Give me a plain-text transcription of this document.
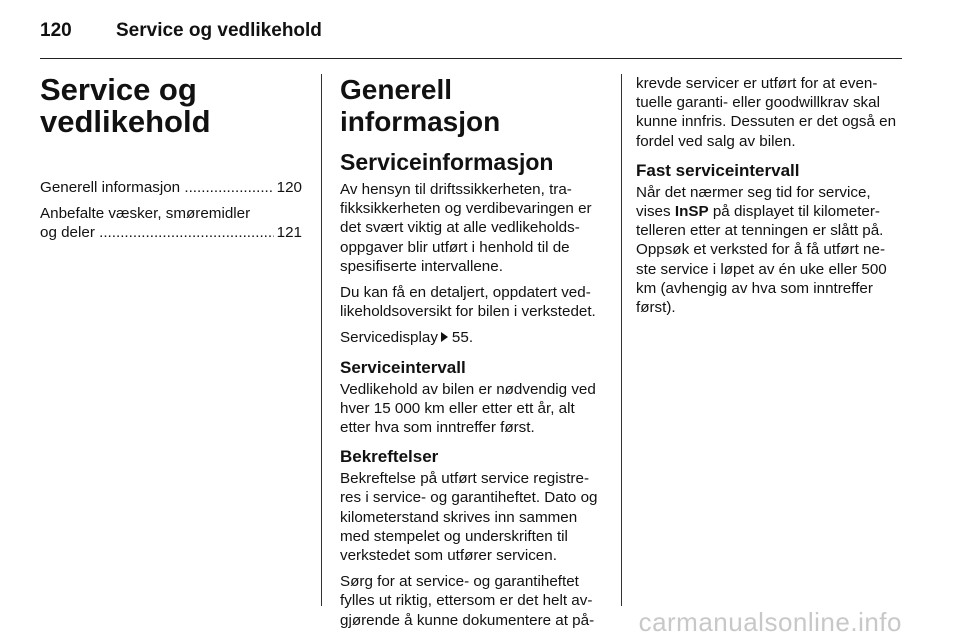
120 Service og vedlikehold
Service og
vedlikehold
Generell informasjon .....	120
Anbefalte væsker, smøremidler
og deler .....	121
Generell informasjon
Serviceinformasjon

Av hensyn til driftssikkerheten, trafikksikkerheten og verdibevaringen er det svært viktig at alle vedlikeholdsoppgaver blir utført i henhold til de spesifiserte intervallene.

Du kan få en detaljert, oppdatert vedlikeholdsoversikt for bilen i verkstedet.

Servicedisplay 55.

Serviceintervall

Vedlikehold av bilen er nødvendig ved hver 15 000 km eller etter ett år, alt etter hva som inntreffer først.

Bekreftelser

Bekreftelse på utført service registreres i service- og garantiheftet. Dato og kilometerstand skrives inn sammen med stempelet og underskriften til verkstedet som utfører servicen.

Sørg for at service- og garantiheftet fylles ut riktig, ettersom er det helt avgjørende å kunne dokumentere at på-

krevde servicer er utført for at eventuelle garanti- eller goodwillkrav skal kunne innfris. Dessuten er det også en fordel ved salg av bilen.

Fast serviceintervall

Når det nærmer seg tid for service, vises InSP på displayet til kilometertelleren etter at tenningen er slått på. Oppsøk et verksted for å få utført neste service i løpet av én uke eller 500 km (avhengig av hva som inntreffer først).

carmanualsonline.info
